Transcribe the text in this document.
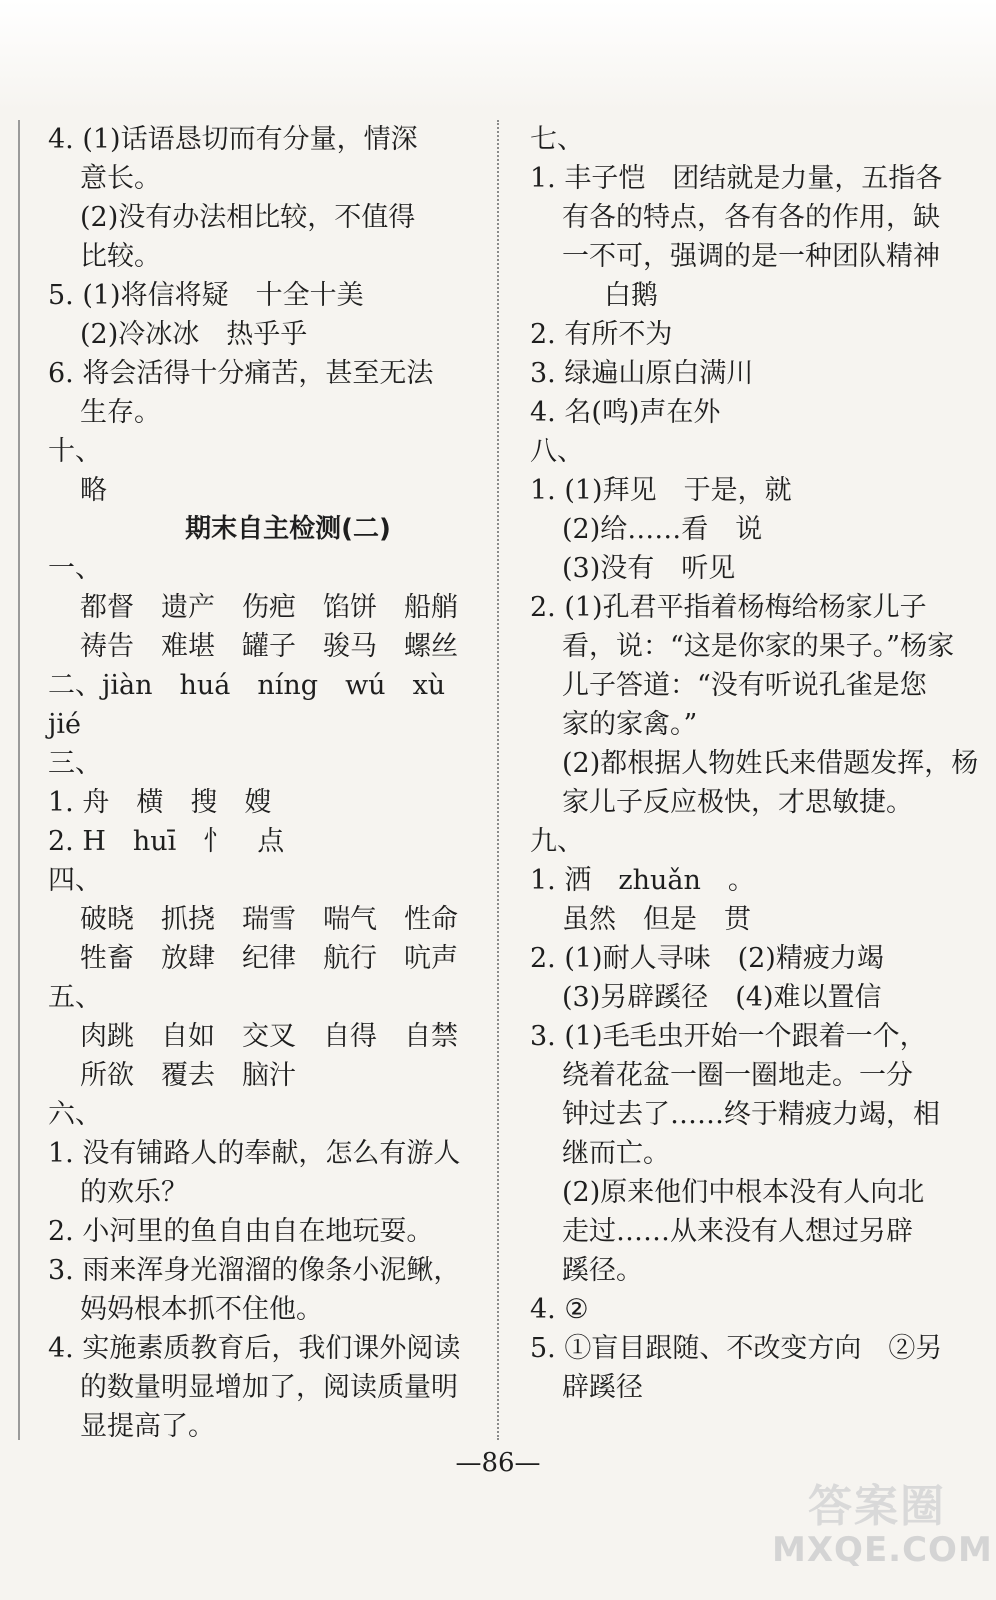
4. (1)话语恳切而有分量，情深
意长。
(2)没有办法相比较，不值得
比较。
5. (1)将信将疑　十全十美
(2)冷冰冰　热乎乎
6. 将会活得十分痛苦，甚至无法
生存。
十、
略
期末自主检测(二)
一、
都督　遗产　伤疤　馅饼　船艄
祷告　难堪　罐子　骏马　螺丝
二、jiàn　huá　níng　wú　xù
jié
三、
1. 舟　横　搜　嫂
2. H　huī　忄　点
四、
破晓　抓挠　瑞雪　喘气　性命
牲畜　放肆　纪律　航行　吭声
五、
肉跳　自如　交叉　自得　自禁
所欲　覆去　脑汁
六、
1. 没有铺路人的奉献，怎么有游人
的欢乐？
2. 小河里的鱼自由自在地玩耍。
3. 雨来浑身光溜溜的像条小泥鳅，
妈妈根本抓不住他。
4. 实施素质教育后，我们课外阅读
的数量明显增加了，阅读质量明
显提高了。
七、
1. 丰子恺　团结就是力量，五指各
有各的特点，各有各的作用，缺
一不可，强调的是一种团队精神
白鹅
2. 有所不为
3. 绿遍山原白满川
4. 名(鸣)声在外
八、
1. (1)拜见　于是，就
(2)给……看　说
(3)没有　听见
2. (1)孔君平指着杨梅给杨家儿子
看，说：“这是你家的果子。”杨家
儿子答道：“没有听说孔雀是您
家的家禽。”
(2)都根据人物姓氏来借题发挥，杨
家儿子反应极快，才思敏捷。
九、
1. 洒　zhuǎn　。
虽然　但是　贯
2. (1)耐人寻味　(2)精疲力竭
(3)另辟蹊径　(4)难以置信
3. (1)毛毛虫开始一个跟着一个，
绕着花盆一圈一圈地走。一分
钟过去了……终于精疲力竭，相
继而亡。
(2)原来他们中根本没有人向北
走过……从来没有人想过另辟
蹊径。
4. ②
5. ①盲目跟随、不改变方向　②另
辟蹊径
—86—
答案圈
MXQE.COM
